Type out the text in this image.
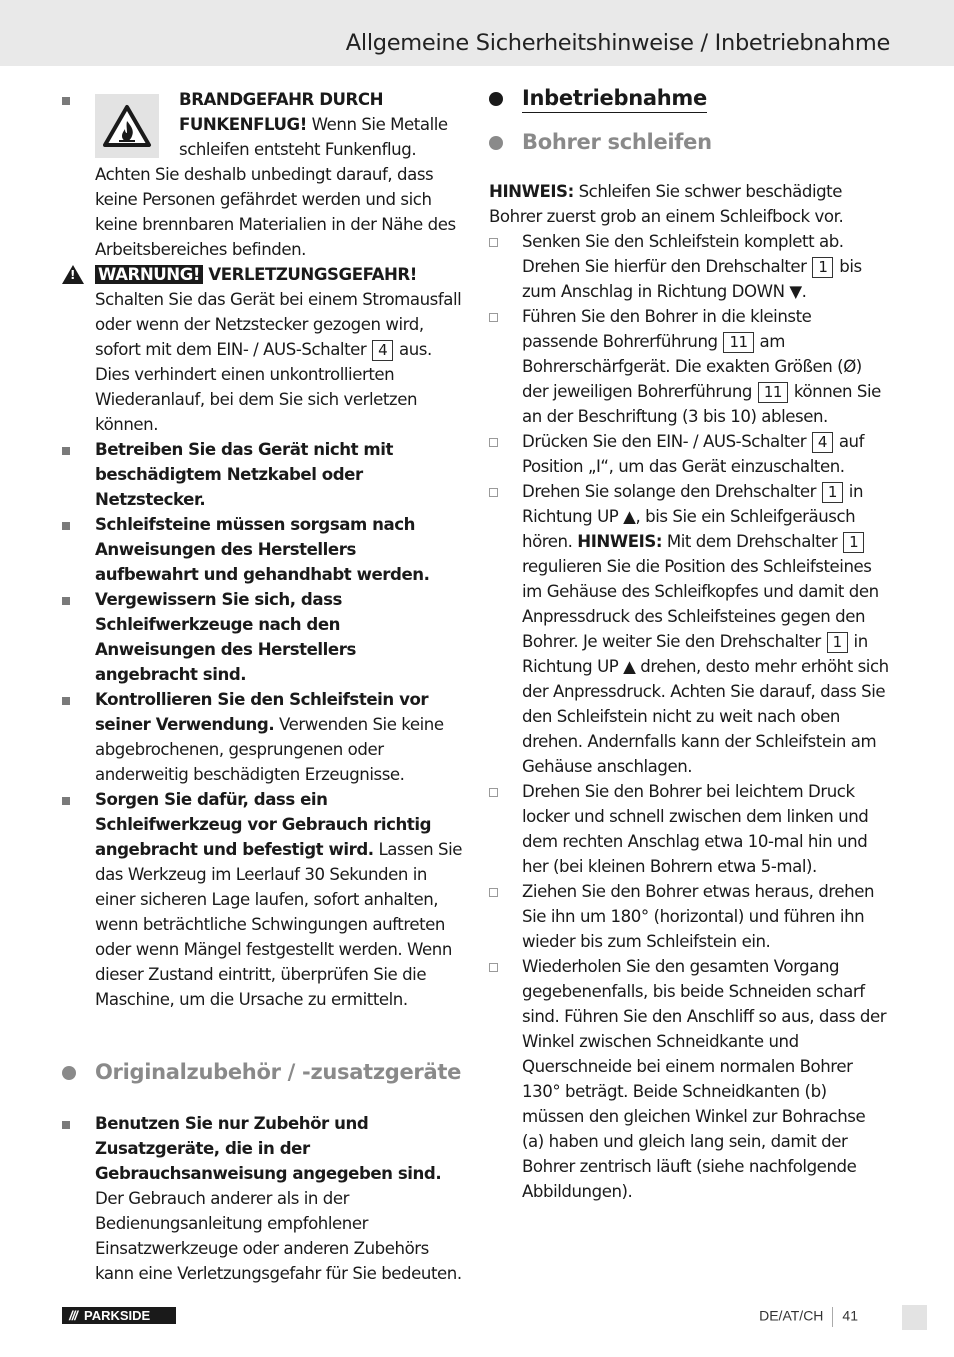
Allgemeine Sicherheitshinweise / Inbetriebnahme
BRANDGEFAHR DURCH FUNKENFLUG! Wenn Sie Metalle schleifen entsteht Funkenflug. Achten Sie deshalb unbedingt darauf, dass keine Personen gefährdet werden und sich keine brennbaren Materialien in der Nähe des Arbeitsbereiches befinden.
!
WARNUNG! VERLETZUNGSGEFAHR!
Schalten Sie das Gerät bei einem Stromausfall oder wenn der Netzstecker gezogen wird, sofort mit dem EIN- / AUS-Schalter 4 aus. Dies verhindert einen unkontrollierten Wiederanlauf, bei dem Sie sich verletzen können.
Betreiben Sie das Gerät nicht mit beschädigtem Netzkabel oder Netzstecker.
Schleifsteine müssen sorgsam nach Anweisungen des Herstellers aufbewahrt und gehandhabt werden.
Vergewissern Sie sich, dass Schleifwerkzeuge nach den Anweisungen des Herstellers angebracht sind.
Kontrollieren Sie den Schleifstein vor seiner Verwendung. Verwenden Sie keine abgebrochenen, gesprungenen oder anderweitig beschädigten Erzeugnisse.
Sorgen Sie dafür, dass ein Schleifwerkzeug vor Gebrauch richtig angebracht und befestigt wird. Lassen Sie das Werkzeug im Leerlauf 30 Sekunden in einer sicheren Lage laufen, sofort anhalten, wenn beträchtliche Schwingungen auftreten oder wenn Mängel festgestellt werden. Wenn dieser Zustand eintritt, überprüfen Sie die Maschine, um die Ursache zu ermitteln.
Originalzubehör / -zusatzgeräte
Benutzen Sie nur Zubehör und Zusatzgeräte, die in der Gebrauchsanweisung angegeben sind. Der Gebrauch anderer als in der Bedienungsanleitung empfohlener Einsatzwerkzeuge oder anderen Zubehörs kann eine Verletzungsgefahr für Sie bedeuten.
Inbetriebnahme
Bohrer schleifen
HINWEIS: Schleifen Sie schwer beschädigte Bohrer zuerst grob an einem Schleifbock vor.
Senken Sie den Schleifstein komplett ab. Drehen Sie hierfür den Drehschalter 1 bis zum Anschlag in Richtung DOWN ▼.
Führen Sie den Bohrer in die kleinste passende Bohrerführung 11 am Bohrerschärfgerät. Die exakten Größen (Ø) der jeweiligen Bohrerführung 11 können Sie an der Beschriftung (3 bis 10) ablesen.
Drücken Sie den EIN- / AUS-Schalter 4 auf Position „I“, um das Gerät einzuschalten.
Drehen Sie solange den Drehschalter 1 in Richtung UP ▲, bis Sie ein Schleifgeräusch hören. HINWEIS: Mit dem Drehschalter 1 regulieren Sie die Position des Schleifsteines im Gehäuse des Schleifkopfes und damit den Anpressdruck des Schleifsteines gegen den Bohrer. Je weiter Sie den Drehschalter 1 in Richtung UP ▲ drehen, desto mehr erhöht sich der Anpressdruck. Achten Sie darauf, dass Sie den Schleifstein nicht zu weit nach oben drehen. Andernfalls kann der Schleifstein am Gehäuse anschlagen.
Drehen Sie den Bohrer bei leichtem Druck locker und schnell zwischen dem linken und dem rechten Anschlag etwa 10-mal hin und her (bei kleinen Bohrern etwa 5-mal).
Ziehen Sie den Bohrer etwas heraus, drehen Sie ihn um 180° (horizontal) und führen ihn wieder bis zum Schleifstein ein.
Wiederholen Sie den gesamten Vorgang gegebenenfalls, bis beide Schneiden scharf sind. Führen Sie den Anschliff so aus, dass der Winkel zwischen Schneidkante und Querschneide bei einem normalen Bohrer 130° beträgt. Beide Schneidkanten (b) müssen den gleichen Winkel zur Bohrachse (a) haben und gleich lang sein, damit der Bohrer zentrisch läuft (siehe nachfolgende Abbildungen).
/// PARKSIDE	DE/AT/CH 41
